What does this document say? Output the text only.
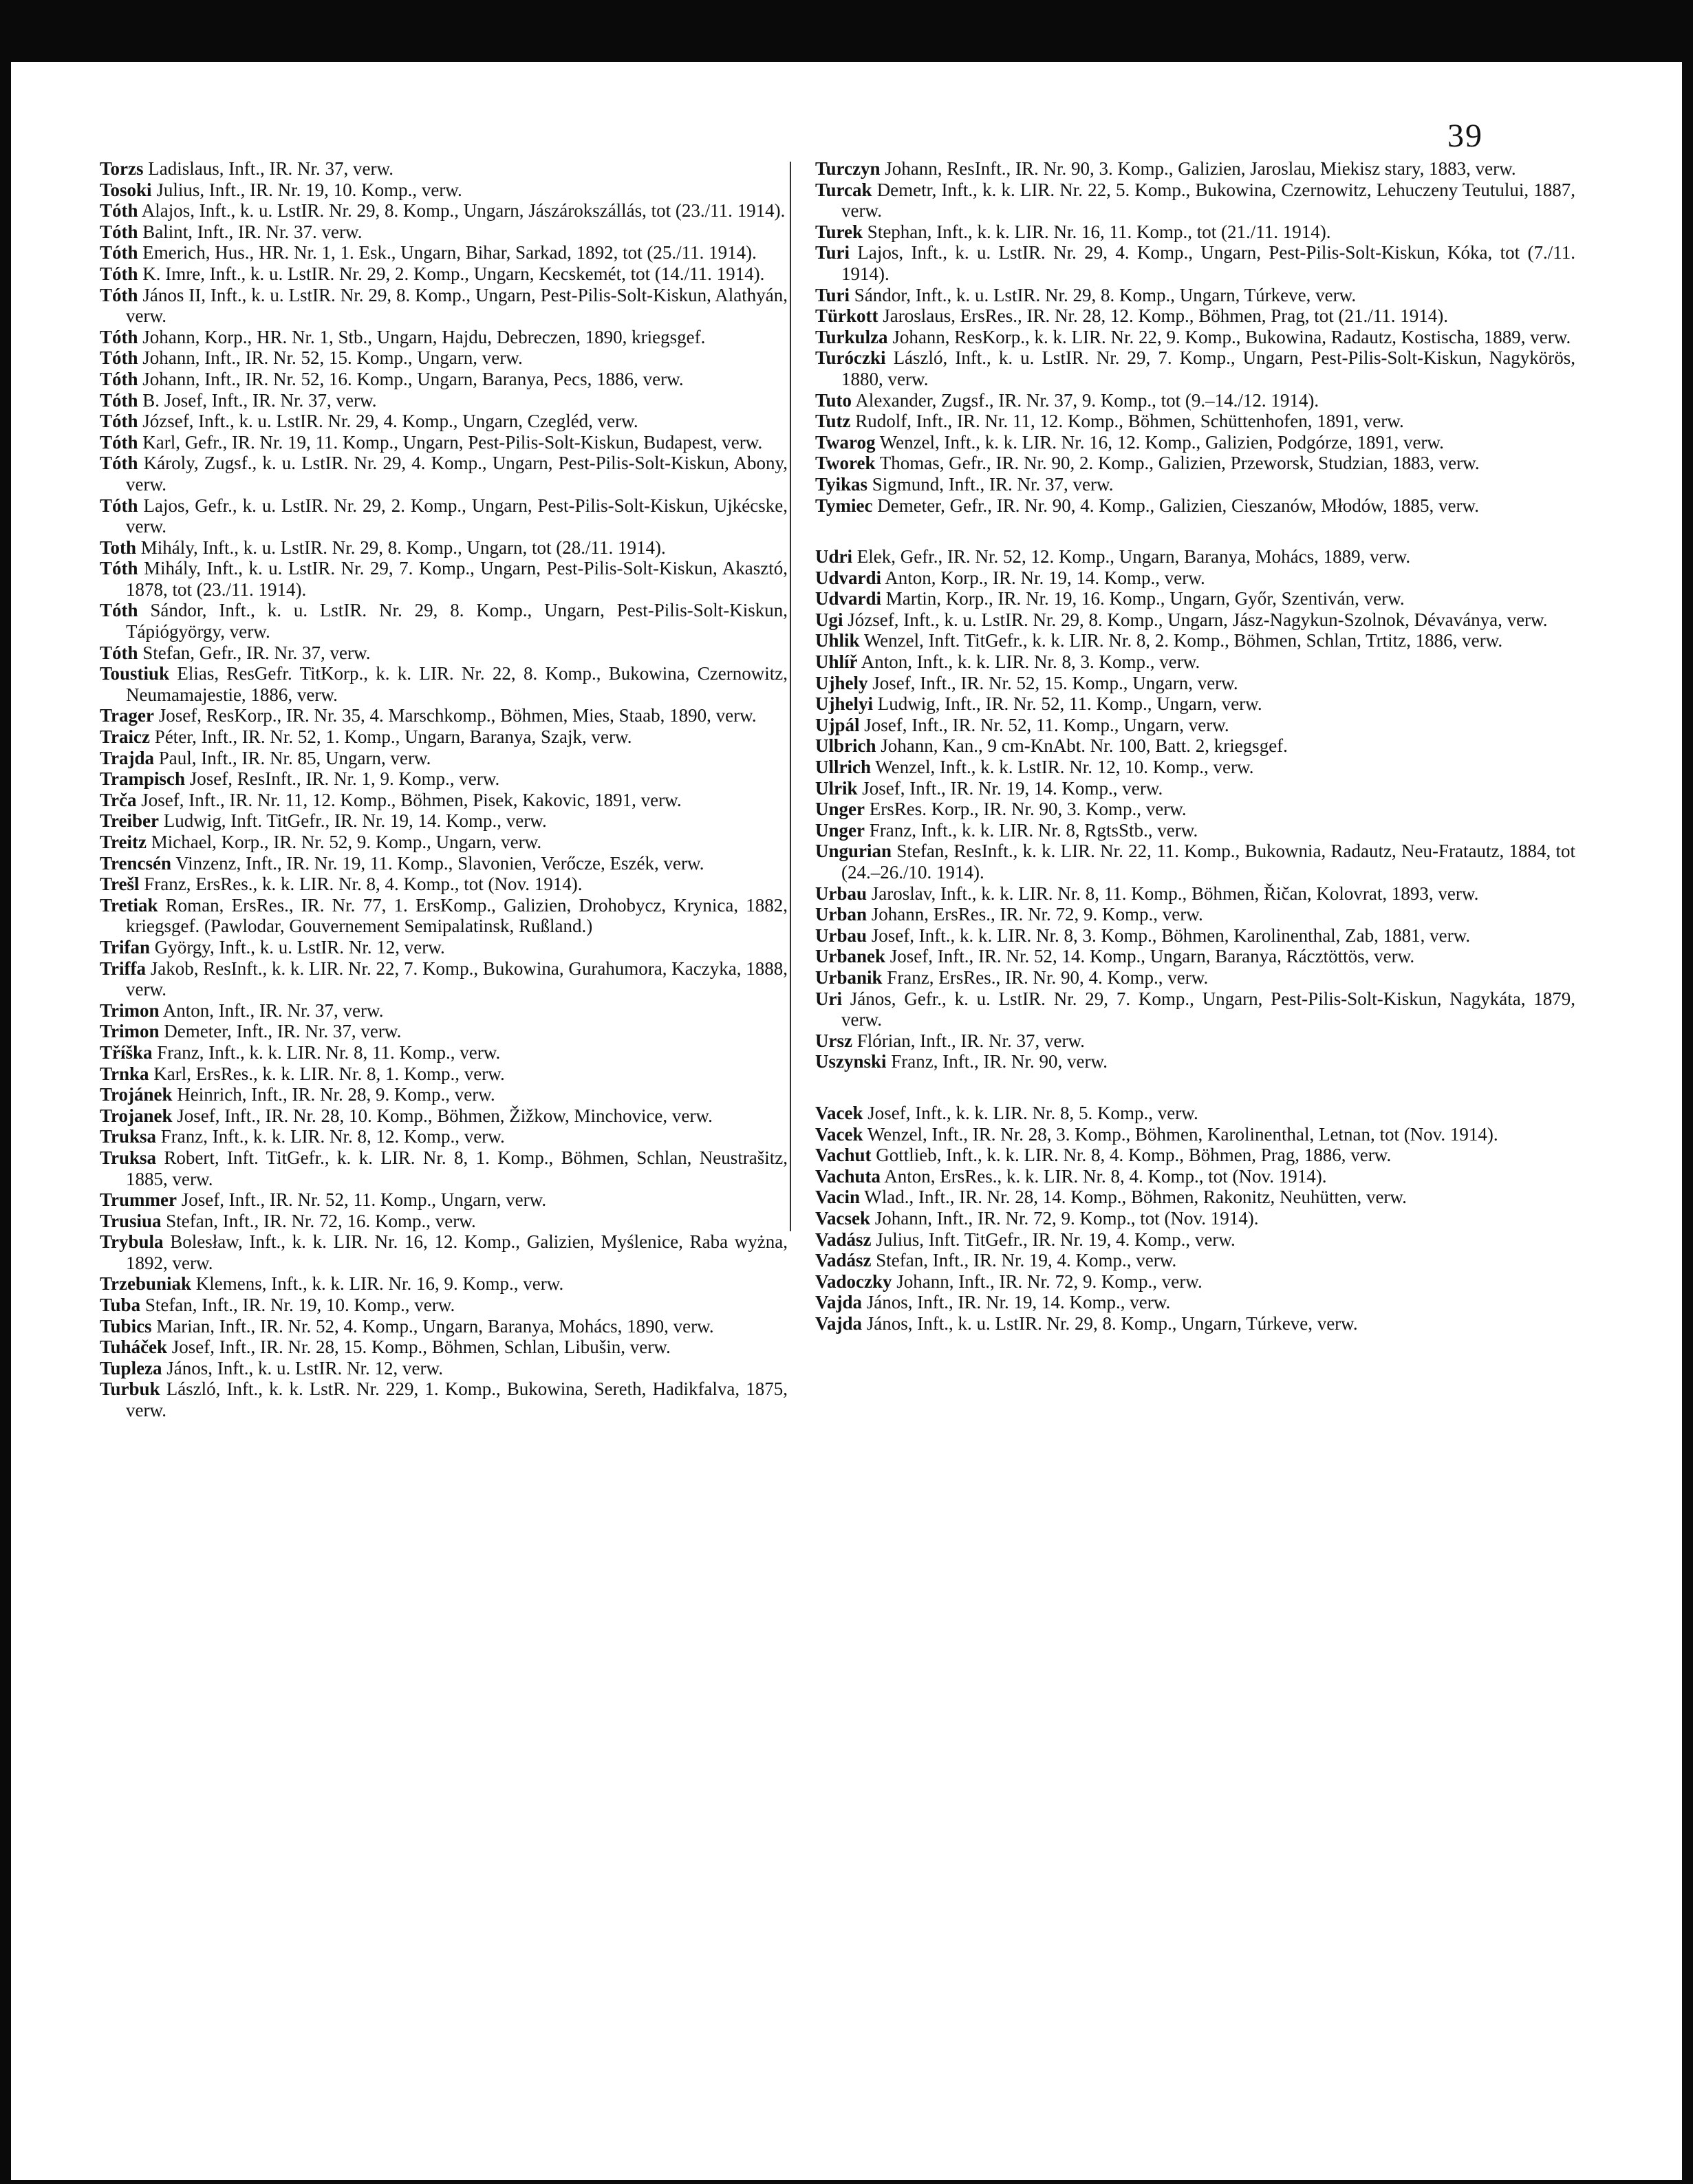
39
Torzs Ladislaus, Inft., IR. Nr. 37, verw.
Tosoki Julius, Inft., IR. Nr. 19, 10. Komp., verw.
Tóth Alajos, Inft., k. u. LstIR. Nr. 29, 8. Komp., Ungarn, Jászárokszállás, tot (23./11. 1914).
Tóth Balint, Inft., IR. Nr. 37. verw.
Tóth Emerich, Hus., HR. Nr. 1, 1. Esk., Ungarn, Bihar, Sarkad, 1892, tot (25./11. 1914).
Tóth K. Imre, Inft., k. u. LstIR. Nr. 29, 2. Komp., Ungarn, Kecskemét, tot (14./11. 1914).
Tóth János II, Inft., k. u. LstIR. Nr. 29, 8. Komp., Ungarn, Pest-Pilis-Solt-Kiskun, Alathyán, verw.
Tóth Johann, Korp., HR. Nr. 1, Stb., Ungarn, Hajdu, Debreczen, 1890, kriegsgef.
Tóth Johann, Inft., IR. Nr. 52, 15. Komp., Ungarn, verw.
Tóth Johann, Inft., IR. Nr. 52, 16. Komp., Ungarn, Baranya, Pecs, 1886, verw.
Tóth B. Josef, Inft., IR. Nr. 37, verw.
Tóth József, Inft., k. u. LstIR. Nr. 29, 4. Komp., Ungarn, Czegléd, verw.
Tóth Karl, Gefr., IR. Nr. 19, 11. Komp., Ungarn, Pest-Pilis-Solt-Kiskun, Budapest, verw.
Tóth Károly, Zugsf., k. u. LstIR. Nr. 29, 4. Komp., Ungarn, Pest-Pilis-Solt-Kiskun, Abony, verw.
Tóth Lajos, Gefr., k. u. LstIR. Nr. 29, 2. Komp., Ungarn, Pest-Pilis-Solt-Kiskun, Ujkécske, verw.
Toth Mihály, Inft., k. u. LstIR. Nr. 29, 8. Komp., Ungarn, tot (28./11. 1914).
Tóth Mihály, Inft., k. u. LstIR. Nr. 29, 7. Komp., Ungarn, Pest-Pilis-Solt-Kiskun, Akasztó, 1878, tot (23./11. 1914).
Tóth Sándor, Inft., k. u. LstIR. Nr. 29, 8. Komp., Ungarn, Pest-Pilis-Solt-Kiskun, Tápiógyörgy, verw.
Tóth Stefan, Gefr., IR. Nr. 37, verw.
Toustiuk Elias, ResGefr. TitKorp., k. k. LIR. Nr. 22, 8. Komp., Bukowina, Czernowitz, Neumamajestie, 1886, verw.
Trager Josef, ResKorp., IR. Nr. 35, 4. Marschkomp., Böhmen, Mies, Staab, 1890, verw.
Traicz Péter, Inft., IR. Nr. 52, 1. Komp., Ungarn, Baranya, Szajk, verw.
Trajda Paul, Inft., IR. Nr. 85, Ungarn, verw.
Trampisch Josef, ResInft., IR. Nr. 1, 9. Komp., verw.
Trča Josef, Inft., IR. Nr. 11, 12. Komp., Böhmen, Pisek, Kakovic, 1891, verw.
Treiber Ludwig, Inft. TitGefr., IR. Nr. 19, 14. Komp., verw.
Treitz Michael, Korp., IR. Nr. 52, 9. Komp., Ungarn, verw.
Trencsén Vinzenz, Inft., IR. Nr. 19, 11. Komp., Slavonien, Verőcze, Eszék, verw.
Trešl Franz, ErsRes., k. k. LIR. Nr. 8, 4. Komp., tot (Nov. 1914).
Tretiak Roman, ErsRes., IR. Nr. 77, 1. ErsKomp., Galizien, Drohobycz, Krynica, 1882, kriegsgef. (Pawlodar, Gouvernement Semipalatinsk, Rußland.)
Trifan György, Inft., k. u. LstIR. Nr. 12, verw.
Triffa Jakob, ResInft., k. k. LIR. Nr. 22, 7. Komp., Bukowina, Gurahumora, Kaczyka, 1888, verw.
Trimon Anton, Inft., IR. Nr. 37, verw.
Trimon Demeter, Inft., IR. Nr. 37, verw.
Tříška Franz, Inft., k. k. LIR. Nr. 8, 11. Komp., verw.
Trnka Karl, ErsRes., k. k. LIR. Nr. 8, 1. Komp., verw.
Trojánek Heinrich, Inft., IR. Nr. 28, 9. Komp., verw.
Trojanek Josef, Inft., IR. Nr. 28, 10. Komp., Böhmen, Žižkow, Minchovice, verw.
Truksa Franz, Inft., k. k. LIR. Nr. 8, 12. Komp., verw.
Truksa Robert, Inft. TitGefr., k. k. LIR. Nr. 8, 1. Komp., Böhmen, Schlan, Neustrašitz, 1885, verw.
Trummer Josef, Inft., IR. Nr. 52, 11. Komp., Ungarn, verw.
Trusiua Stefan, Inft., IR. Nr. 72, 16. Komp., verw.
Trybula Bolesław, Inft., k. k. LIR. Nr. 16, 12. Komp., Galizien, Myślenice, Raba wyżna, 1892, verw.
Trzebuniak Klemens, Inft., k. k. LIR. Nr. 16, 9. Komp., verw.
Tuba Stefan, Inft., IR. Nr. 19, 10. Komp., verw.
Tubics Marian, Inft., IR. Nr. 52, 4. Komp., Ungarn, Baranya, Mohács, 1890, verw.
Tuháček Josef, Inft., IR. Nr. 28, 15. Komp., Böhmen, Schlan, Libušin, verw.
Tupleza János, Inft., k. u. LstIR. Nr. 12, verw.
Turbuk László, Inft., k. k. LstR. Nr. 229, 1. Komp., Bukowina, Sereth, Hadikfalva, 1875, verw.
Turczyn Johann, ResInft., IR. Nr. 90, 3. Komp., Galizien, Jaroslau, Miekisz stary, 1883, verw.
Turcak Demetr, Inft., k. k. LIR. Nr. 22, 5. Komp., Bukowina, Czernowitz, Lehuczeny Teutului, 1887, verw.
Turek Stephan, Inft., k. k. LIR. Nr. 16, 11. Komp., tot (21./11. 1914).
Turi Lajos, Inft., k. u. LstIR. Nr. 29, 4. Komp., Ungarn, Pest-Pilis-Solt-Kiskun, Kóka, tot (7./11. 1914).
Turi Sándor, Inft., k. u. LstIR. Nr. 29, 8. Komp., Ungarn, Túrkeve, verw.
Türkott Jaroslaus, ErsRes., IR. Nr. 28, 12. Komp., Böhmen, Prag, tot (21./11. 1914).
Turkulza Johann, ResKorp., k. k. LIR. Nr. 22, 9. Komp., Bukowina, Radautz, Kostischa, 1889, verw.
Turóczki László, Inft., k. u. LstIR. Nr. 29, 7. Komp., Ungarn, Pest-Pilis-Solt-Kiskun, Nagykörös, 1880, verw.
Tuto Alexander, Zugsf., IR. Nr. 37, 9. Komp., tot (9.–14./12. 1914).
Tutz Rudolf, Inft., IR. Nr. 11, 12. Komp., Böhmen, Schüttenhofen, 1891, verw.
Twarog Wenzel, Inft., k. k. LIR. Nr. 16, 12. Komp., Galizien, Podgórze, 1891, verw.
Tworek Thomas, Gefr., IR. Nr. 90, 2. Komp., Galizien, Przeworsk, Studzian, 1883, verw.
Tyikas Sigmund, Inft., IR. Nr. 37, verw.
Tymiec Demeter, Gefr., IR. Nr. 90, 4. Komp., Galizien, Cieszanów, Młodów, 1885, verw.
Udri Elek, Gefr., IR. Nr. 52, 12. Komp., Ungarn, Baranya, Mohács, 1889, verw.
Udvardi Anton, Korp., IR. Nr. 19, 14. Komp., verw.
Udvardi Martin, Korp., IR. Nr. 19, 16. Komp., Ungarn, Győr, Szentiván, verw.
Ugi József, Inft., k. u. LstIR. Nr. 29, 8. Komp., Ungarn, Jász-Nagykun-Szolnok, Dévaványa, verw.
Uhlik Wenzel, Inft. TitGefr., k. k. LIR. Nr. 8, 2. Komp., Böhmen, Schlan, Trtitz, 1886, verw.
Uhlíř Anton, Inft., k. k. LIR. Nr. 8, 3. Komp., verw.
Ujhely Josef, Inft., IR. Nr. 52, 15. Komp., Ungarn, verw.
Ujhelyi Ludwig, Inft., IR. Nr. 52, 11. Komp., Ungarn, verw.
Ujpál Josef, Inft., IR. Nr. 52, 11. Komp., Ungarn, verw.
Ulbrich Johann, Kan., 9 cm-KnAbt. Nr. 100, Batt. 2, kriegsgef.
Ullrich Wenzel, Inft., k. k. LstIR. Nr. 12, 10. Komp., verw.
Ulrik Josef, Inft., IR. Nr. 19, 14. Komp., verw.
Unger ErsRes. Korp., IR. Nr. 90, 3. Komp., verw.
Unger Franz, Inft., k. k. LIR. Nr. 8, RgtsStb., verw.
Ungurian Stefan, ResInft., k. k. LIR. Nr. 22, 11. Komp., Bukownia, Radautz, Neu-Fratautz, 1884, tot (24.–26./10. 1914).
Urbau Jaroslav, Inft., k. k. LIR. Nr. 8, 11. Komp., Böhmen, Řičan, Kolovrat, 1893, verw.
Urban Johann, ErsRes., IR. Nr. 72, 9. Komp., verw.
Urbau Josef, Inft., k. k. LIR. Nr. 8, 3. Komp., Böhmen, Karolinenthal, Zab, 1881, verw.
Urbanek Josef, Inft., IR. Nr. 52, 14. Komp., Ungarn, Baranya, Rácztöttös, verw.
Urbanik Franz, ErsRes., IR. Nr. 90, 4. Komp., verw.
Uri János, Gefr., k. u. LstIR. Nr. 29, 7. Komp., Ungarn, Pest-Pilis-Solt-Kiskun, Nagykáta, 1879, verw.
Ursz Flórian, Inft., IR. Nr. 37, verw.
Uszynski Franz, Inft., IR. Nr. 90, verw.
Vacek Josef, Inft., k. k. LIR. Nr. 8, 5. Komp., verw.
Vacek Wenzel, Inft., IR. Nr. 28, 3. Komp., Böhmen, Karolinenthal, Letnan, tot (Nov. 1914).
Vachut Gottlieb, Inft., k. k. LIR. Nr. 8, 4. Komp., Böhmen, Prag, 1886, verw.
Vachuta Anton, ErsRes., k. k. LIR. Nr. 8, 4. Komp., tot (Nov. 1914).
Vacin Wlad., Inft., IR. Nr. 28, 14. Komp., Böhmen, Rakonitz, Neuhütten, verw.
Vacsek Johann, Inft., IR. Nr. 72, 9. Komp., tot (Nov. 1914).
Vadász Julius, Inft. TitGefr., IR. Nr. 19, 4. Komp., verw.
Vadász Stefan, Inft., IR. Nr. 19, 4. Komp., verw.
Vadoczky Johann, Inft., IR. Nr. 72, 9. Komp., verw.
Vajda János, Inft., IR. Nr. 19, 14. Komp., verw.
Vajda János, Inft., k. u. LstIR. Nr. 29, 8. Komp., Ungarn, Túrkeve, verw.
